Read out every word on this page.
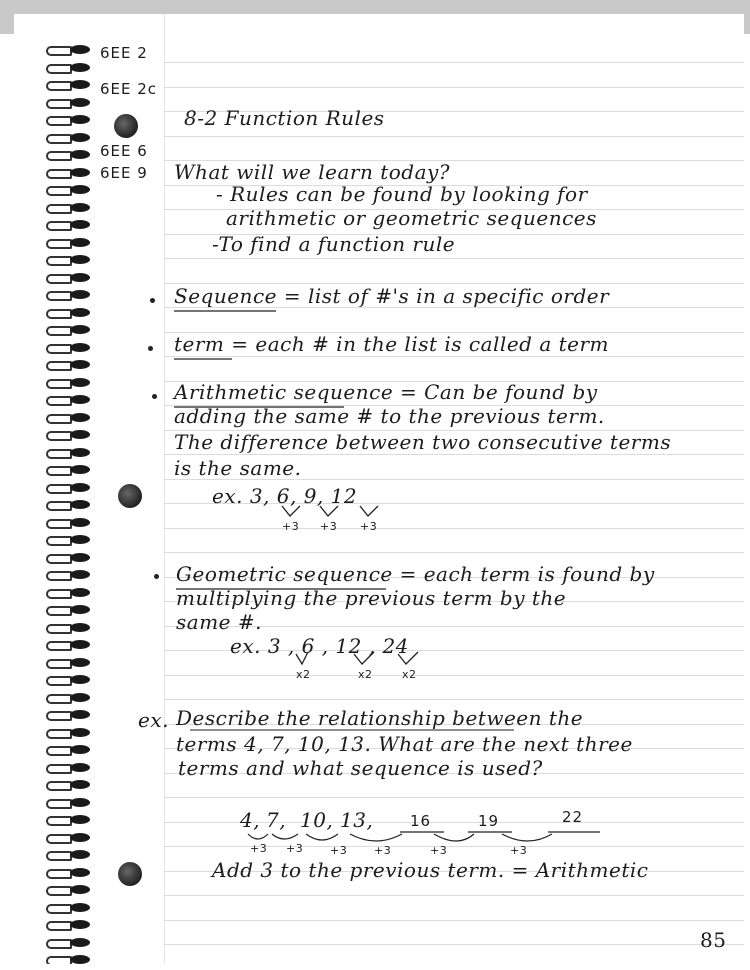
6EE 2
6EE 2c
6EE 6
6EE 9
8-2 Function Rules
What will we learn today?
- Rules can be found by looking for
arithmetic or geometric sequences
-To find a function rule
Sequence = list of #'s in a specific order
term = each # in the list is called a term
Arithmetic sequence = Can be found by
adding the same # to the previous term.
The difference between two consecutive terms
is the same.
ex. 3, 6, 9, 12
+3 +3 +3
Geometric sequence = each term is found by
multiplying the previous term by the
same #.
ex. 3 , 6 , 12 , 24
x2	x2	x2
ex. Describe the relationship between the
terms 4, 7, 10, 13. What are the next three
terms and what sequence is used?
4, 7, 10, 13, 16	19	22
+3 +3 +3 +3	+3	+3
Add 3 to the previous term. = Arithmetic
85
